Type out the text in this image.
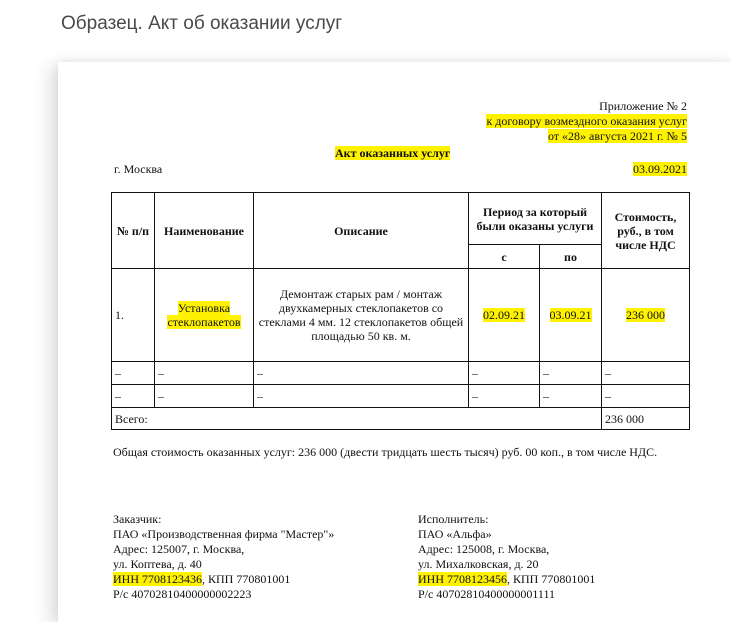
Образец. Акт об оказании услуг
Приложение № 2
к договору возмездного оказания услуг
от «28» августа 2021 г. № 5
Акт оказанных услуг
г. Москва	03.09.2021
№ п/п	Наименование	Описание	Период за который были оказаны услуги		Стоимость, руб., в том числе НДС
			с	по	
1.	Установка стеклопакетов	Демонтаж старых рам / монтаж двухкамерных стеклопакетов со стеклами 4 мм. 12 стеклопакетов общей площадью 50 кв. м.	02.09.21	03.09.21	236 000
–	–	–	–	–	–
–	–	–	–	–	–
Всего:					236 000
Общая стоимость оказанных услуг: 236 000 (двести тридцать шесть тысяч) руб. 00 коп., в том числе НДС.
Заказчик:
ПАО «Производственная фирма "Мастер"»
Адрес: 125007, г. Москва,
ул. Коптева, д. 40
ИНН 7708123436, КПП 770801001
Р/с 40702810400000002223
Исполнитель:
ПАО «Альфа»
Адрес: 125008, г. Москва,
ул. Михалковская, д. 20
ИНН 7708123456, КПП 770801001
Р/с 40702810400000001111
